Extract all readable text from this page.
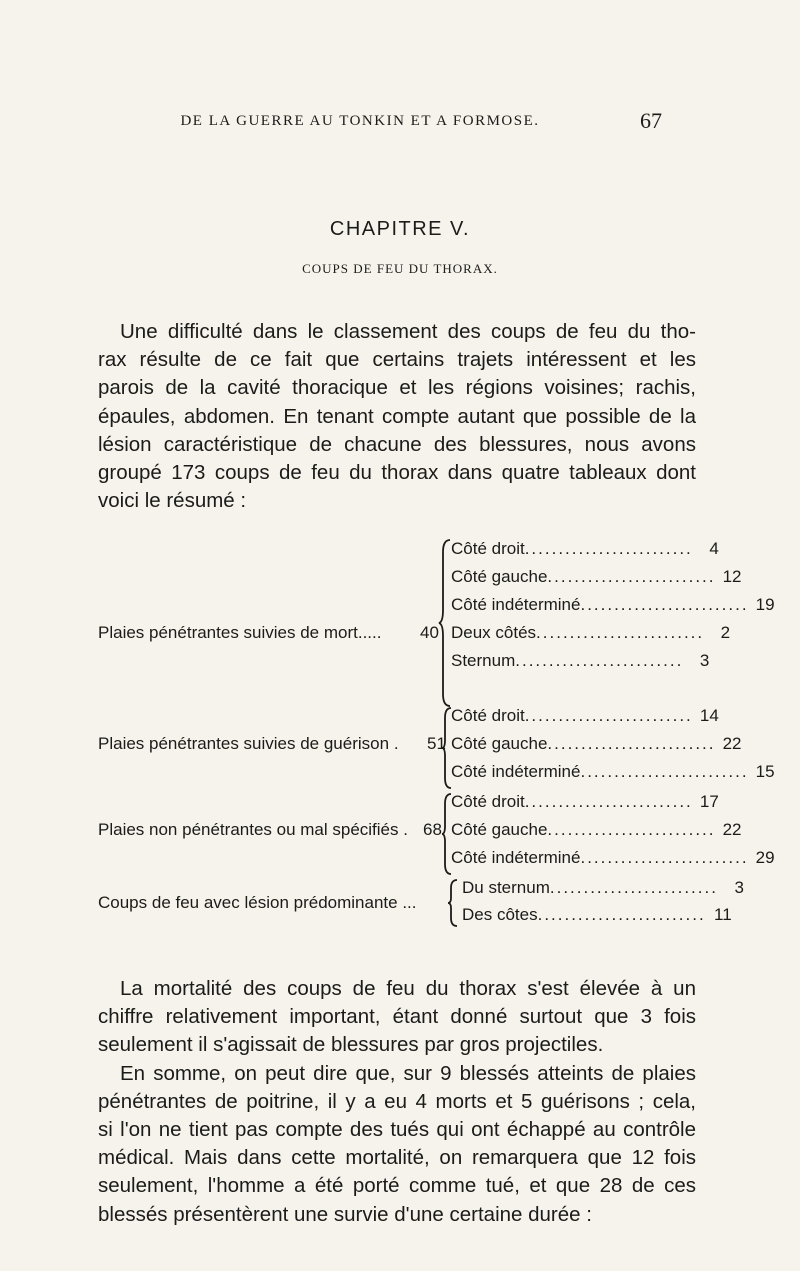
DE LA GUERRE AU TONKIN ET A FORMOSE.	67
CHAPITRE V.
COUPS DE FEU DU THORAX.
Une difficulté dans le classement des coups de feu du tho-
rax résulte de ce fait que certains trajets intéressent et les
parois de la cavité thoracique et les régions voisines; rachis,
épaules, abdomen. En tenant compte autant que possible de la
lésion caractéristique de chacune des blessures, nous avons
groupé 173 coups de feu du thorax dans quatre tableaux dont
voici le résumé :
Plaies pénétrantes suivies de mort..... 40
Côté droit ......................... 4
Côté gauche ......................... 12
Côté indéterminé ......................... 19
Deux côtés ......................... 2
Sternum ......................... 3
Plaies pénétrantes suivies de guérison . 51
Côté droit ......................... 14
Côté gauche ......................... 22
Côté indéterminé ......................... 15
Plaies non pénétrantes ou mal spécifiés . 68
Côté droit ......................... 17
Côté gauche ......................... 22
Côté indéterminé ......................... 29
Coups de feu avec lésion prédominante ...
Du sternum ......................... 3
Des côtes ......................... 11
La mortalité des coups de feu du thorax s'est élevée à un
chiffre relativement important, étant donné surtout que 3 fois
seulement il s'agissait de blessures par gros projectiles.
En somme, on peut dire que, sur 9 blessés atteints de plaies
pénétrantes de poitrine, il y a eu 4 morts et 5 guérisons ; cela,
si l'on ne tient pas compte des tués qui ont échappé au contrôle
médical. Mais dans cette mortalité, on remarquera que 12 fois
seulement, l'homme a été porté comme tué, et que 28 de ces
blessés présentèrent une survie d'une certaine durée :
